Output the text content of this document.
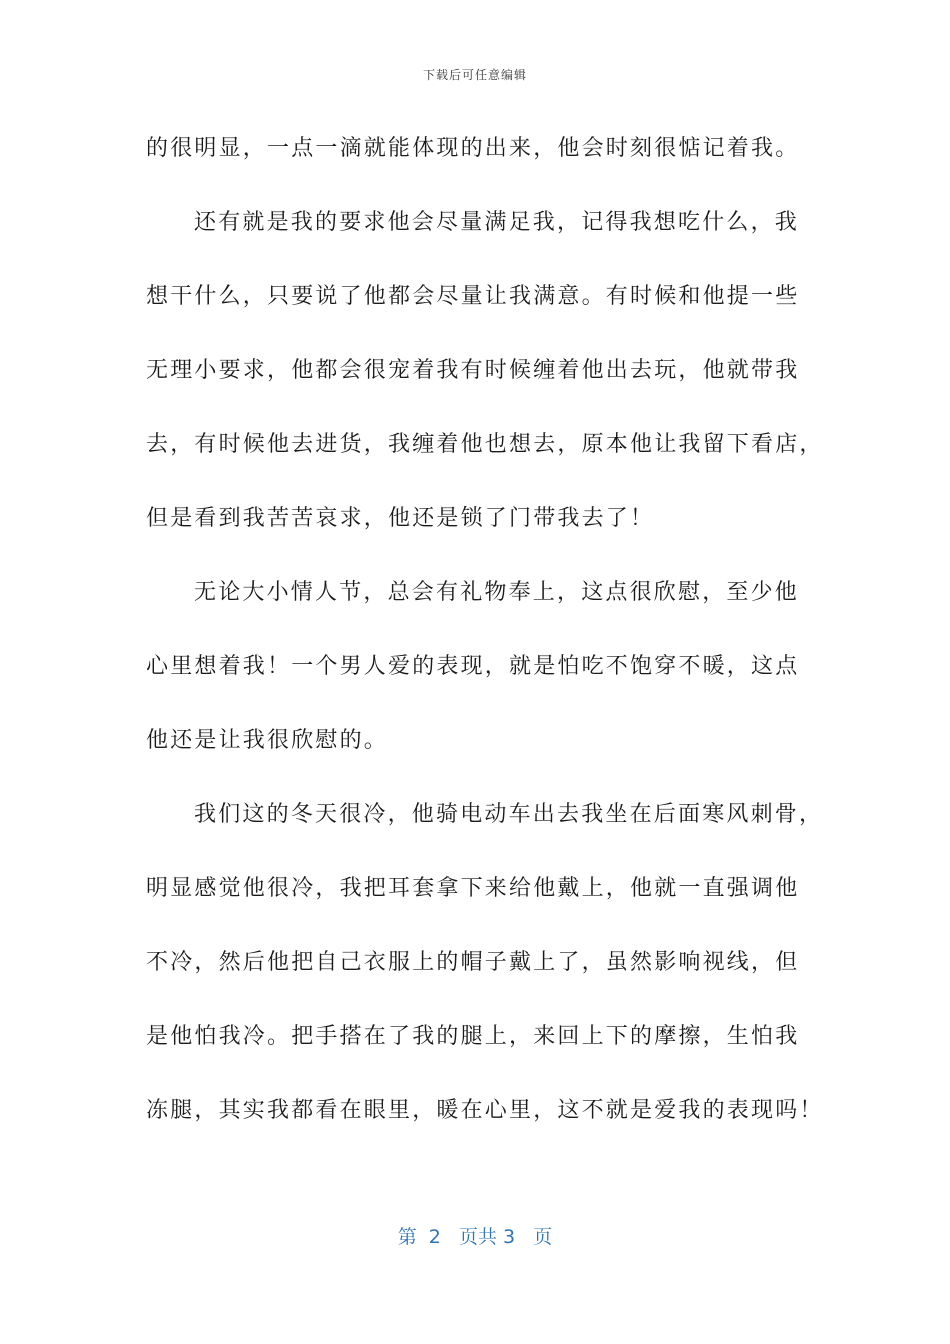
下载后可任意编辑
的很明显，一点一滴就能体现的出来，他会时刻很惦记着我。
还有就是我的要求他会尽量满足我，记得我想吃什么，我
想干什么，只要说了他都会尽量让我满意。有时候和他提一些
无理小要求，他都会很宠着我有时候缠着他出去玩，他就带我
去，有时候他去进货，我缠着他也想去，原本他让我留下看店，
但是看到我苦苦哀求，他还是锁了门带我去了！
无论大小情人节，总会有礼物奉上，这点很欣慰，至少他
心里想着我！一个男人爱的表现，就是怕吃不饱穿不暖，这点
他还是让我很欣慰的。
我们这的冬天很冷，他骑电动车出去我坐在后面寒风刺骨，
明显感觉他很冷，我把耳套拿下来给他戴上，他就一直强调他
不冷，然后他把自己衣服上的帽子戴上了，虽然影响视线，但
是他怕我冷。把手搭在了我的腿上，来回上下的摩擦，生怕我
冻腿，其实我都看在眼里，暖在心里，这不就是爱我的表现吗！
第  2   页共 3   页
